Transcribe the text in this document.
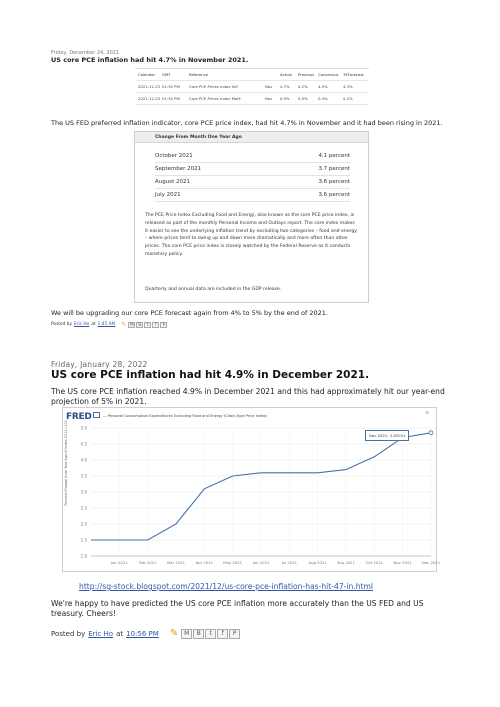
Friday, December 24, 2021
US core PCE inflation had hit 4.7% in November 2021.
Calendar	GMT	Reference	Actual	Previous	Consensus	TEForecast
2021-12-23 01:30 PM	Core PCE Prices Index YoY	Nov	4.7%	4.2%	4.5%	4.3%
2021-12-23 01:30 PM	Core PCE Prices Index MoM	Nov	0.5%	0.5%	0.4%	0.2%
The US FED preferred inflation indicator, core PCE price index, had hit 4.7% in November and it had been rising in 2021.
Change From Month One Year Ago
October 2021	4.1 percent
September 2021	3.7 percent
August 2021	3.6 percent
July 2021	3.6 percent
The PCE Price Index Excluding Food and Energy, also known as the core PCE price index, is released as part of the monthly Personal Income and Outlays report. The core index makes it easier to see the underlying inflation trend by excluding two categories – food and energy – where prices tend to swing up and down more dramatically and more often than other prices. The core PCE price index is closely watched by the Federal Reserve as it conducts monetary policy.
Quarterly and annual data are included in the GDP release.
We will be upgrading our core PCE forecast again from 4% to 5% by the end of 2021.
Posted by Eric Ho at 1:45 AM ✎ M	B	t	f	P
Friday, January 28, 2022
US core PCE inflation had hit 4.9% in December 2021.
The US core PCE inflation reached 4.9% in December 2021 and this had approximately hit our year-end projection of 5% in 2021.
FRED	— Personal Consumption Expenditures Excluding Food and Energy (Chain-Type Price Index)
☰
Percent Change from Year Ago of Index 2012=100
1.0
1.5
2.0
2.5
3.0
3.5
4.0
4.5
5.0
Jan 2021	Feb 2021	Mar 2021	Apr 2021	May 2021	Jun 2021	Jul 2021	Aug 2021	Sep 2021	Oct 2021	Nov 2021	Dec 2021
Dec 2021: 4.85004
http://sg-stock.blogspot.com/2021/12/us-core-pce-inflation-has-hit-47-in.html
We're happy to have predicted the US core PCE inflation more accurately than the US FED and US treasury. Cheers!
Posted by Eric Ho at 10:56 PM ✎ M	B	t	f	P
